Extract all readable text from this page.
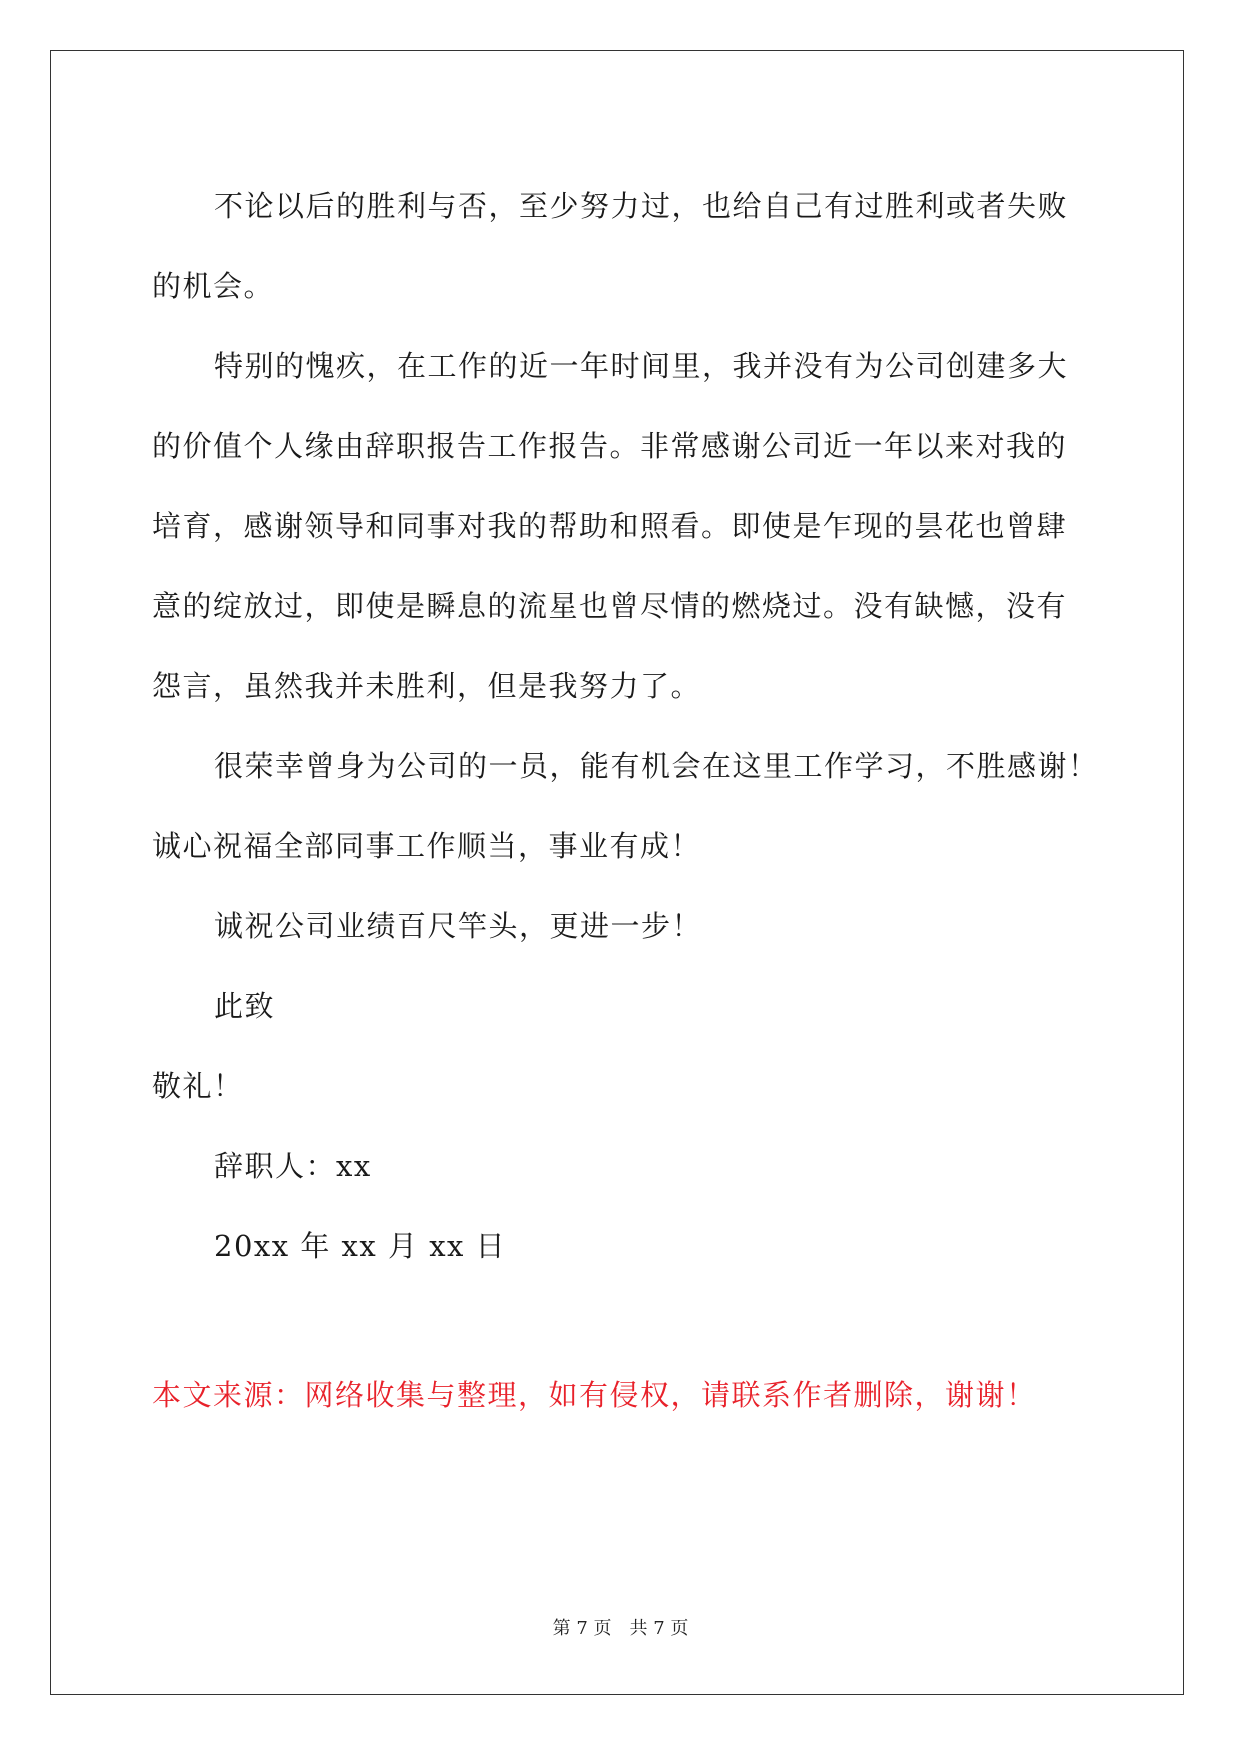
不论以后的胜利与否，至少努力过，也给自己有过胜利或者失败
的机会。
特别的愧疚，在工作的近一年时间里，我并没有为公司创建多大
的价值个人缘由辞职报告工作报告。非常感谢公司近一年以来对我的
培育，感谢领导和同事对我的帮助和照看。即使是乍现的昙花也曾肆
意的绽放过，即使是瞬息的流星也曾尽情的燃烧过。没有缺憾，没有
怨言，虽然我并未胜利，但是我努力了。
很荣幸曾身为公司的一员，能有机会在这里工作学习，不胜感谢！
诚心祝福全部同事工作顺当，事业有成！
诚祝公司业绩百尺竿头，更进一步！
此致
敬礼！
辞职人：xx
20xx 年 xx 月 xx 日
本文来源：网络收集与整理，如有侵权，请联系作者删除，谢谢！
第 7 页　共 7 页
